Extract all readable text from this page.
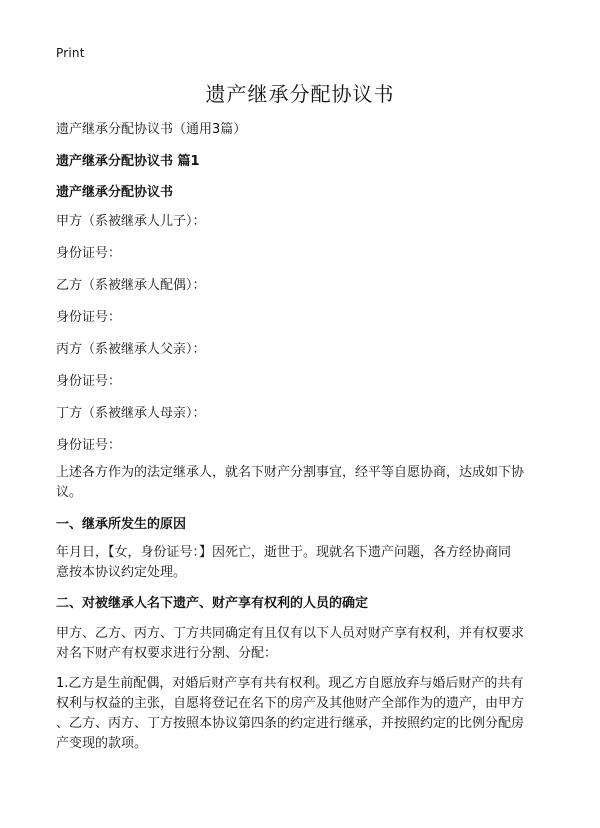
Print
遗产继承分配协议书
遗产继承分配协议书（通用3篇）
遗产继承分配协议书 篇1
遗产继承分配协议书
甲方（系被继承人儿子）：
身份证号：
乙方（系被继承人配偶）：
身份证号：
丙方（系被继承人父亲）：
身份证号：
丁方（系被继承人母亲）：
身份证号：
上述各方作为的法定继承人，就名下财产分割事宜，经平等自愿协商，达成如下协
议。
一、继承所发生的原因
年月日，【女，身份证号：】因死亡，逝世于。现就名下遗产问题，各方经协商同
意按本协议约定处理。
二、对被继承人名下遗产、财产享有权利的人员的确定
甲方、乙方、丙方、丁方共同确定有且仅有以下人员对财产享有权利，并有权要求
对名下财产有权要求进行分割、分配：
1.乙方是生前配偶，对婚后财产享有共有权利。现乙方自愿放弃与婚后财产的共有
权利与权益的主张，自愿将登记在名下的房产及其他财产全部作为的遗产，由甲方
、乙方、丙方、丁方按照本协议第四条的约定进行继承，并按照约定的比例分配房
产变现的款项。
